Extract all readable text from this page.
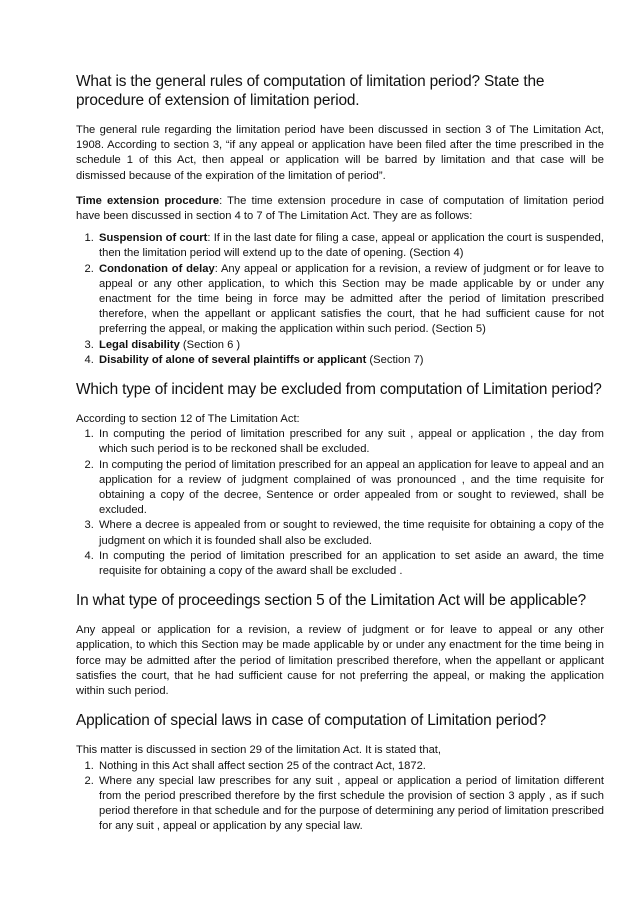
What is the general rules of computation of limitation period? State the procedure of extension of limitation period.

The general rule regarding the limitation period have been discussed in section 3 of The Limitation Act, 1908. According to section 3, “if any appeal or application have been filed after the time prescribed in the schedule 1 of this Act, then appeal or application will be barred by limitation and that case will be dismissed because of the expiration of the limitation of period”.

Time extension procedure: The time extension procedure in case of computation of limitation period have been discussed in section 4 to 7 of The Limitation Act. They are as follows:

1. Suspension of court: If in the last date for filing a case, appeal or application the court is suspended, then the limitation period will extend up to the date of opening. (Section 4)
2. Condonation of delay: Any appeal or application for a revision, a review of judgment or for leave to appeal or any other application, to which this Section may be made applicable by or under any enactment for the time being in force may be admitted after the period of limitation prescribed therefore, when the appellant or applicant satisfies the court, that he had sufficient cause for not preferring the appeal, or making the application within such period. (Section 5)
3. Legal disability (Section 6 )
4. Disability of alone of several plaintiffs or applicant (Section 7)
Which type of incident may be excluded from computation of Limitation period?

According to section 12 of The Limitation Act:

1. In computing the period of limitation prescribed for any suit , appeal or application , the day from which such period is to be reckoned shall be excluded.
2. In computing the period of limitation prescribed for an appeal an application for leave to appeal and an application for a review of judgment complained of was pronounced , and the time requisite for obtaining a copy of the decree, Sentence or order appealed from or sought to reviewed, shall be excluded.
3. Where a decree is appealed from or sought to reviewed, the time requisite for obtaining a copy of the judgment on which it is founded shall also be excluded.
4. In computing the period of limitation prescribed for an application to set aside an award, the time requisite for obtaining a copy of the award shall be excluded .
In what type of proceedings section 5 of the Limitation Act will be applicable?

Any appeal or application for a revision, a review of judgment or for leave to appeal or any other application, to which this Section may be made applicable by or under any enactment for the time being in force may be admitted after the period of limitation prescribed therefore, when the appellant or applicant satisfies the court, that he had sufficient cause for not preferring the appeal, or making the application within such period.

Application of special laws in case of computation of Limitation period?

This matter is discussed in section 29 of the limitation Act. It is stated that,

1. Nothing in this Act shall affect section 25 of the contract Act, 1872.
2. Where any special law prescribes for any suit , appeal or application a period of limitation different from the period prescribed therefore by the first schedule the provision of section 3 apply , as if such period therefore in that schedule and for the purpose of determining any period of limitation prescribed for any suit , appeal or application by any special law.
